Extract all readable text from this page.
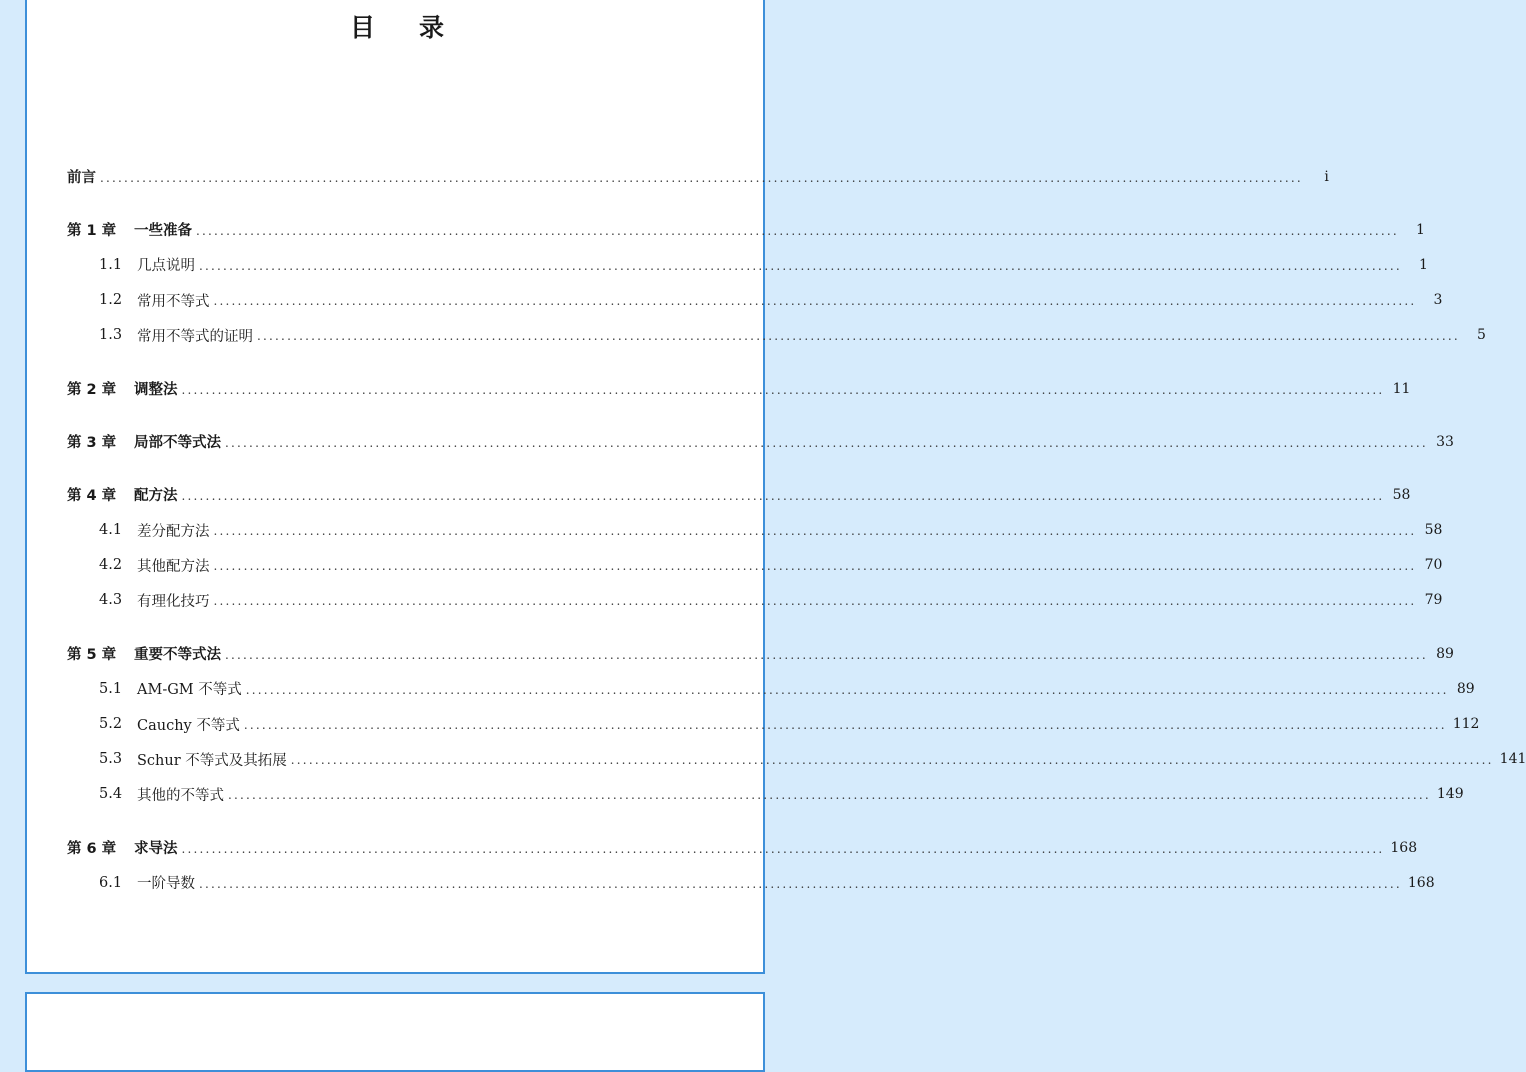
目 录
前言 ........................................................................................................................................................................................................	i
第 1 章	一些准备 ........................................................................................................................................................................................................	1
1.1	几点说明 ........................................................................................................................................................................................................	1
1.2	常用不等式 ........................................................................................................................................................................................................	3
1.3	常用不等式的证明 ........................................................................................................................................................................................................	5
第 2 章	调整法 ........................................................................................................................................................................................................ 11
第 3 章	局部不等式法 ........................................................................................................................................................................................................ 33
第 4 章	配方法 ........................................................................................................................................................................................................ 58
4.1	差分配方法 ........................................................................................................................................................................................................ 58
4.2	其他配方法 ........................................................................................................................................................................................................ 70
4.3	有理化技巧 ........................................................................................................................................................................................................ 79
第 5 章	重要不等式法 ........................................................................................................................................................................................................ 89
5.1	AM-GM 不等式 ........................................................................................................................................................................................................ 89
5.2	Cauchy 不等式 ........................................................................................................................................................................................................ 112
5.3	Schur 不等式及其拓展 ........................................................................................................................................................................................................ 141
5.4	其他的不等式 ........................................................................................................................................................................................................ 149
第 6 章	求导法 ........................................................................................................................................................................................................ 168
6.1	一阶导数 ........................................................................................................................................................................................................ 168
